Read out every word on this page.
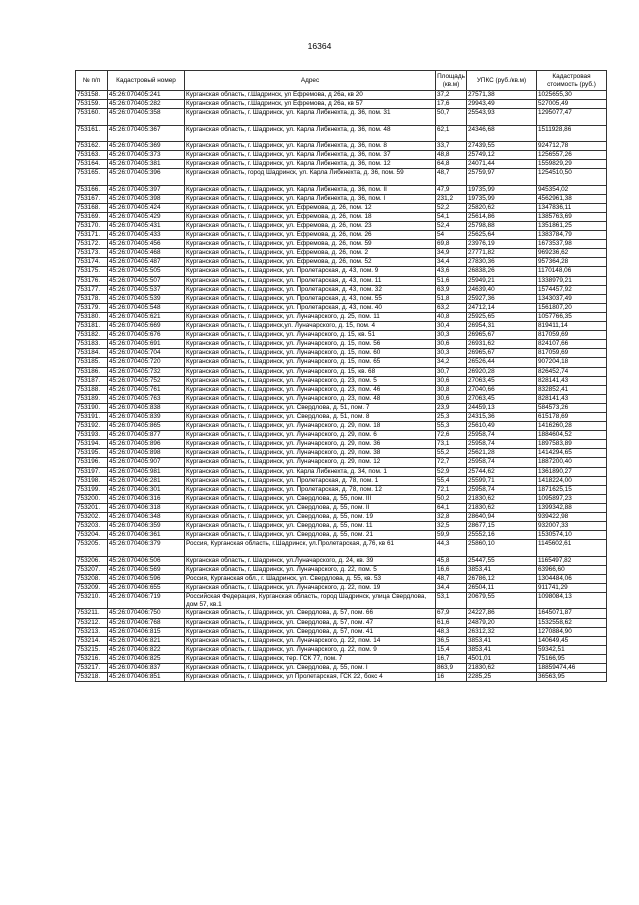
16364
№ п/п	Кадастровый номер	Адрес	Площадь (кв.м)	УПКС (руб./кв.м)	Кадастровая стоимость (руб.)
753158.	45:26:070405:241	Курганская область, г.Шадринск, ул Ефремова, д 26а, кв 20	37,2	27571,38	1025655,30
753159.	45:26:070405:282	Курганская область, г.Шадринск, ул Ефремова, д 26а, кв 57	17,6	29943,49	527005,49
753160.	45:26:070405:358	Курганская область, г. Шадринск, ул. Карла Либкнехта, д. 36, пом. 31	50,7	25543,93	1295077,47
753161.	45:26:070405:367	Курганская область, г. Шадринск, ул. Карла Либкнехта, д. 36, пом. 48	62,1	24346,68	1511928,86
753162.	45:26:070405:369	Курганская область, г. Шадринск, ул. Карла Либкнехта, д. 36, пом. 8	33,7	27439,55	924712,78
753163.	45:26:070405:373	Курганская область, г. Шадринск, ул. Карла Либкнехта, д. 36, пом. 37	48,8	25749,12	1256557,26
753164.	45:26:070405:381	Курганская область, г. Шадринск, ул. Карла Либкнехта, д. 36, пом. 12	64,8	24071,44	1559829,29
753165.	45:26:070405:396	Курганская область, город Шадринск, ул. Карла Либкнехта, д. 36, пом. 59	48,7	25759,97	1254510,50
753166.	45:26:070405:397	Курганская область, г. Шадринск, ул. Карла Либкнехта, д. 36, пом. II	47,9	19735,99	945354,02
753167.	45:26:070405:398	Курганская область, г. Шадринск, ул. Карла Либкнехта, д. 36, пом. I	231,2	19735,99	4562961,38
753168.	45:26:070405:424	Курганская область, г. Шадринск, ул. Ефремова, д. 26, пом. 12	52,2	25820,62	1347836,11
753169.	45:26:070405:429	Курганская область, г. Шадринск, ул. Ефремова, д. 26, пом. 18	54,1	25614,86	1385763,69
753170.	45:26:070405:431	Курганская область, г. Шадринск, ул. Ефремова, д. 26, пом. 23	52,4	25798,88	1351861,25
753171.	45:26:070405:433	Курганская область, г. Шадринск, ул. Ефремова, д. 26, пом. 26	54	25625,64	1383784,79
753172.	45:26:070405:456	Курганская область, г. Шадринск, ул. Ефремова, д. 26, пом. 59	69,8	23976,19	1673537,98
753173.	45:26:070405:468	Курганская область, г. Шадринск, ул. Ефремова, д. 26, пом. 2	34,9	27771,82	969236,62
753174.	45:26:070405:487	Курганская область, г. Шадринск, ул. Ефремова, д. 26, пом. 52	34,4	27830,36	957364,28
753175.	45:26:070405:505	Курганская область, г. Шадринск, ул. Пролетарская, д. 43, пом. 9	43,6	26838,26	1170148,06
753176.	45:26:070405:507	Курганская область, г. Шадринск, ул. Пролетарская, д. 43, пом. 11	51,6	25949,21	1338979,21
753177.	45:26:070405:537	Курганская область, г. Шадринск, ул. Пролетарская, д. 43, пом. 32	63,9	24639,40	1574457,92
753178.	45:26:070405:539	Курганская область, г. Шадринск, ул. Пролетарская, д. 43, пом. 55	51,8	25927,36	1343037,49
753179.	45:26:070405:548	Курганская область, г. Шадринск, ул. Пролетарская, д. 43, пом. 40	63,2	24712,14	1561807,20
753180.	45:26:070405:621	Курганская область, г. Шадринск, ул. Луначарского, д. 25, пом. 11	40,8	25925,65	1057766,35
753181.	45:26:070405:669	Курганская область, г. Шадринск,ул. Луначарского, д. 15, пом. 4	30,4	26954,31	819411,14
753182.	45:26:070405:676	Курганская область, г. Шадринск, ул. Луначарского, д. 15, кв. 51	30,3	26965,67	817059,69
753183.	45:26:070405:691	Курганская область, г. Шадринск, ул. Луначарского, д. 15, пом. 56	30,6	26931,62	824107,66
753184.	45:26:070405:704	Курганская область, г. Шадринск, ул. Луначарского, д. 15, пом. 60	30,3	26965,67	817059,69
753185.	45:26:070405:720	Курганская область, г. Шадринск, ул. Луначарского, д. 15, пом. 65	34,2	26526,44	907204,18
753186.	45:26:070405:732	Курганская область, г. Шадринск, ул. Луначарского, д. 15, кв. 68	30,7	26920,28	826452,74
753187.	45:26:070405:752	Курганская область, г. Шадринск, ул. Луначарского, д. 23, пом. 5	30,6	27063,45	828141,43
753188.	45:26:070405:761	Курганская область, г. Шадринск, ул. Луначарского, д. 23, пом. 46	30,8	27040,66	832852,41
753189.	45:26:070405:763	Курганская область, г. Шадринск, ул. Луначарского, д. 23, пом. 48	30,6	27063,45	828141,43
753190.	45:26:070405:838	Курганская область, г. Шадринск, ул. Свердлова, д. 51, пом. 7	23,9	24459,13	584573,26
753191.	45:26:070405:839	Курганская область, г. Шадринск, ул. Свердлова, д. 51, пом. 8	25,3	24315,36	615178,69
753192.	45:26:070405:865	Курганская область, г. Шадринск, ул. Луначарского, д. 29, пом. 18	55,3	25610,49	1416260,28
753193.	45:26:070405:877	Курганская область, г. Шадринск, ул. Луначарского, д. 29, пом. 6	72,6	25958,74	1884604,52
753194.	45:26:070405:896	Курганская область, г. Шадринск, ул. Луначарского, д. 29, пом. 36	73,1	25958,74	1897583,89
753195.	45:26:070405:898	Курганская область, г. Шадринск, ул. Луначарского, д. 29, пом. 38	55,2	25621,28	1414294,65
753196.	45:26:070405:907	Курганская область, г. Шадринск, ул. Луначарского, д. 29, пом. 12	72,7	25958,74	1887200,40
753197.	45:26:070405:981	Курганская область, г. Шадринск, ул. Карла Либкнехта, д. 34, пом. 1	52,9	25744,62	1361890,27
753198.	45:26:070406:281	Курганская область, г. Шадринск, ул. Пролетарская, д. 78, пом. 1	55,4	25599,71	1418224,00
753199.	45:26:070406:301	Курганская область, г. Шадринск, ул. Пролетарская, д. 78, пом. 12	72,1	25958,74	1871625,15
753200.	45:26:070406:316	Курганская область, г. Шадринск, ул. Свердлова, д. 55, пом. III	50,2	21830,62	1095897,23
753201.	45:26:070406:318	Курганская область, г. Шадринск, ул. Свердлова, д. 55, пом. II	64,1	21830,62	1399342,88
753202.	45:26:070406:348	Курганская область, г. Шадринск, ул. Свердлова, д. 55, пом. 19	32,8	28640,94	939422,98
753203.	45:26:070406:359	Курганская область, г. Шадринск, ул. Свердлова, д. 55, пом. 11	32,5	28677,15	932007,33
753204.	45:26:070406:361	Курганская область, г. Шадринск, ул. Свердлова, д. 55, пом. 21	59,9	25552,16	1530574,10
753205.	45:26:070406:379	Россия, Курганская область, г.Шадринск, ул.Пролетарская, д.76, кв 61	44,3	25860,10	1145602,61
753206.	45:26:070406:506	Курганская область, г. Шадринск, ул.Луначарского, д. 24, кв. 39	45,8	25447,55	1165497,82
753207.	45:26:070406:569	Курганская область, г. Шадринск, ул. Луначарского, д. 22, пом. 5	16,6	3853,41	63966,60
753208.	45:26:070406:596	Россия, Курганская обл., г. Шадринск, ул. Свердлова, д. 55, кв. 53	48,7	26786,12	1304484,06
753209.	45:26:070406:655	Курганская область, г. Шадринск, ул. Луначарского, д. 22, пом. 19	34,4	26504,11	911741,29
753210.	45:26:070406:719	Российская Федерация, Курганская область, город Шадринск, улица Свердлова, дом 57, кв.1	53,1	20679,55	1098084,13
753211.	45:26:070406:750	Курганская область, г. Шадринск, ул. Свердлова, д. 57, пом. 66	67,9	24227,86	1645071,87
753212.	45:26:070406:768	Курганская область, г. Шадринск, ул. Свердлова, д. 57, пом. 47	61,6	24879,20	1532558,62
753213.	45:26:070406:815	Курганская область, г. Шадринск, ул. Свердлова, д. 57, пом. 41	48,3	26312,32	1270884,90
753214.	45:26:070406:821	Курганская область, г. Шадринск, ул. Луначарского, д. 22, пом. 14	36,5	3853,41	140649,45
753215.	45:26:070406:822	Курганская область, г. Шадринск, ул. Луначарского, д. 22, пом. 9	15,4	3853,41	59342,51
753216.	45:26:070406:825	Курганская область, г. Шадринск, тер. ГСК 77, пом. 7	16,7	4501,01	75166,95
753217.	45:26:070406:837	Курганская область, г. Шадринск, ул. Свердлова, д. 55, пом. I	863,9	21830,62	18859474,46
753218.	45:26:070406:851	Курганская область, г. Шадринск, ул Пролетарская, ГСК 22, бокс 4	16	2285,25	36563,95
